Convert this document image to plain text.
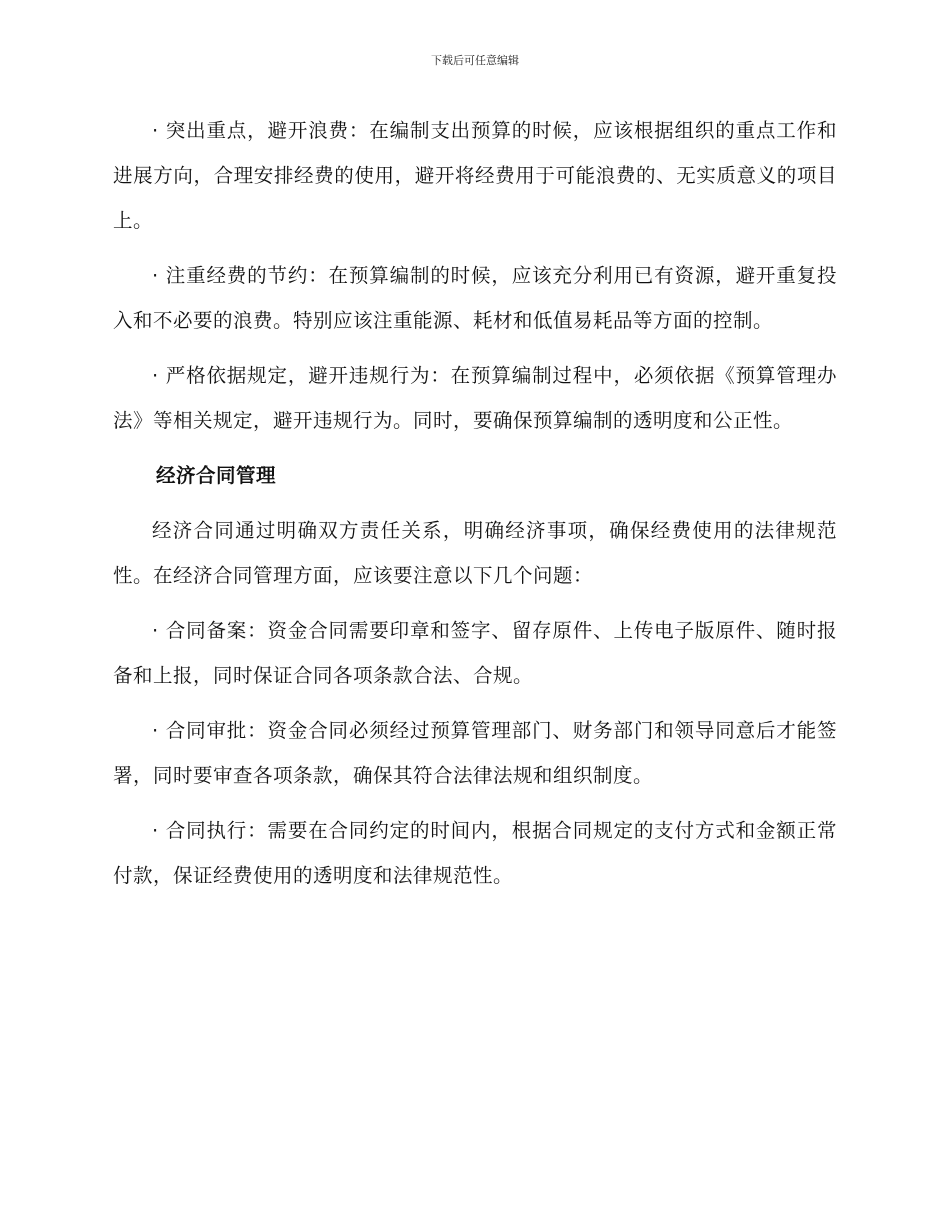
下载后可任意编辑

· 突出重点，避开浪费：在编制支出预算的时候，应该根据组织的重点工作和进展方向，合理安排经费的使用，避开将经费用于可能浪费的、无实质意义的项目上。

· 注重经费的节约：在预算编制的时候，应该充分利用已有资源，避开重复投入和不必要的浪费。特别应该注重能源、耗材和低值易耗品等方面的控制。

· 严格依据规定，避开违规行为：在预算编制过程中，必须依据《预算管理办法》等相关规定，避开违规行为。同时，要确保预算编制的透明度和公正性。

经济合同管理

经济合同通过明确双方责任关系，明确经济事项，确保经费使用的法律规范性。在经济合同管理方面，应该要注意以下几个问题：

· 合同备案：资金合同需要印章和签字、留存原件、上传电子版原件、随时报备和上报，同时保证合同各项条款合法、合规。

· 合同审批：资金合同必须经过预算管理部门、财务部门和领导同意后才能签署，同时要审查各项条款，确保其符合法律法规和组织制度。

· 合同执行：需要在合同约定的时间内，根据合同规定的支付方式和金额正常付款，保证经费使用的透明度和法律规范性。
